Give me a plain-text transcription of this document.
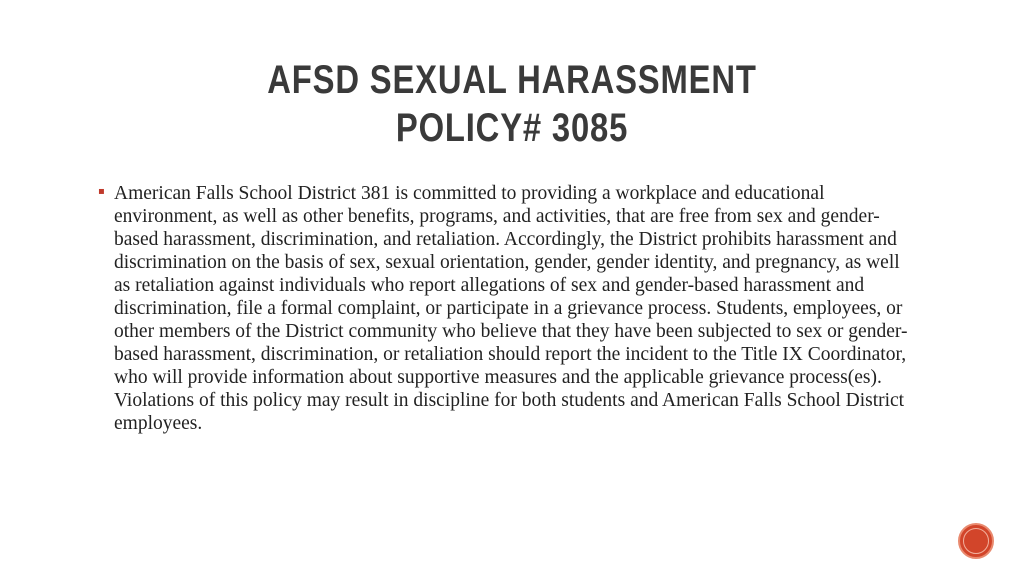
AFSD SEXUAL HARASSMENT
POLICY# 3085
▪ American Falls School District 381 is committed to providing a workplace and educational environment, as well as other benefits, programs, and activities, that are free from sex and gender-based harassment, discrimination, and retaliation. Accordingly, the District prohibits harassment and discrimination on the basis of sex, sexual orientation, gender, gender identity, and pregnancy, as well as retaliation against individuals who report allegations of sex and gender-based harassment and discrimination, file a formal complaint, or participate in a grievance process. Students, employees, or other members of the District community who believe that they have been subjected to sex or gender-based harassment, discrimination, or retaliation should report the incident to the Title IX Coordinator, who will provide information about supportive measures and the applicable grievance process(es). Violations of this policy may result in discipline for both students and American Falls School District employees.
